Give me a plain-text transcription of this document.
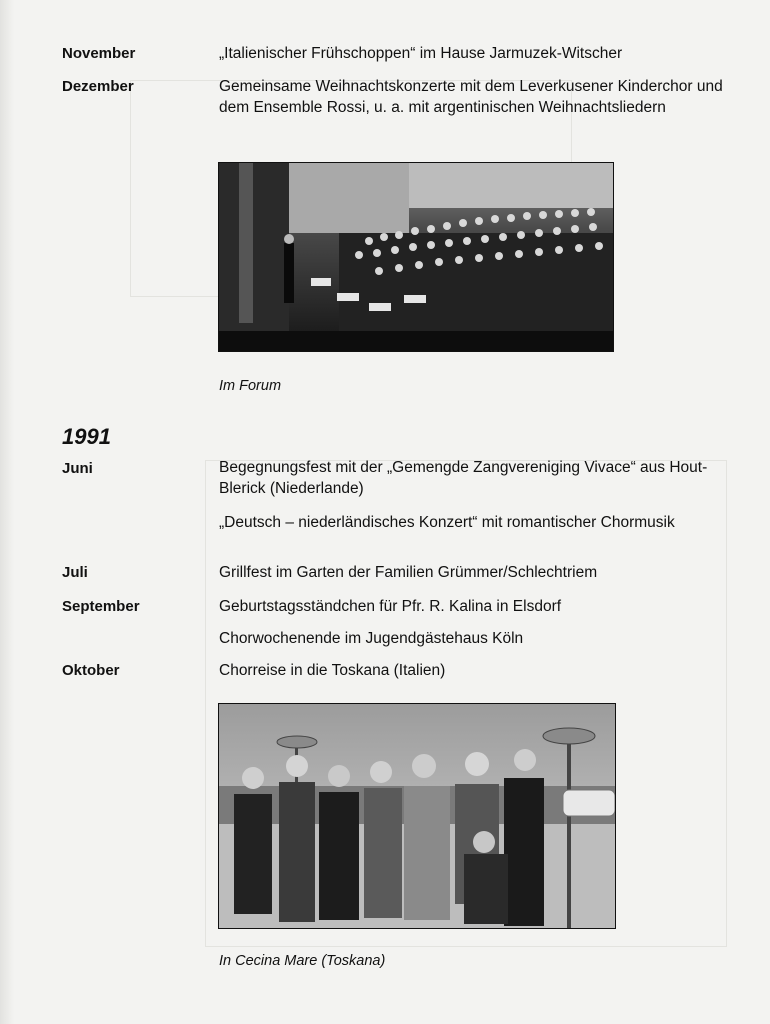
November	„Italienischer Frühschoppen“ im Hause Jarmuzek-Witscher
Dezember	Gemeinsame Weihnachtskonzerte mit dem Leverkusener Kinderchor und dem Ensemble Rossi, u. a. mit argentinischen Weihnachtsliedern
Im Forum
1991
Juni	Begegnungsfest mit der „Gemengde Zangvereniging Vivace“ aus Hout-Blerick (Niederlande)
„Deutsch – niederländisches Konzert“ mit romantischer Chormusik
Juli	Grillfest im Garten der Familien Grümmer/Schlechtriem
September	Geburtstagsständchen für Pfr. R. Kalina in Elsdorf
Chorwochenende im Jugendgästehaus Köln
Oktober	Chorreise in die Toskana (Italien)
In Cecina Mare (Toskana)
